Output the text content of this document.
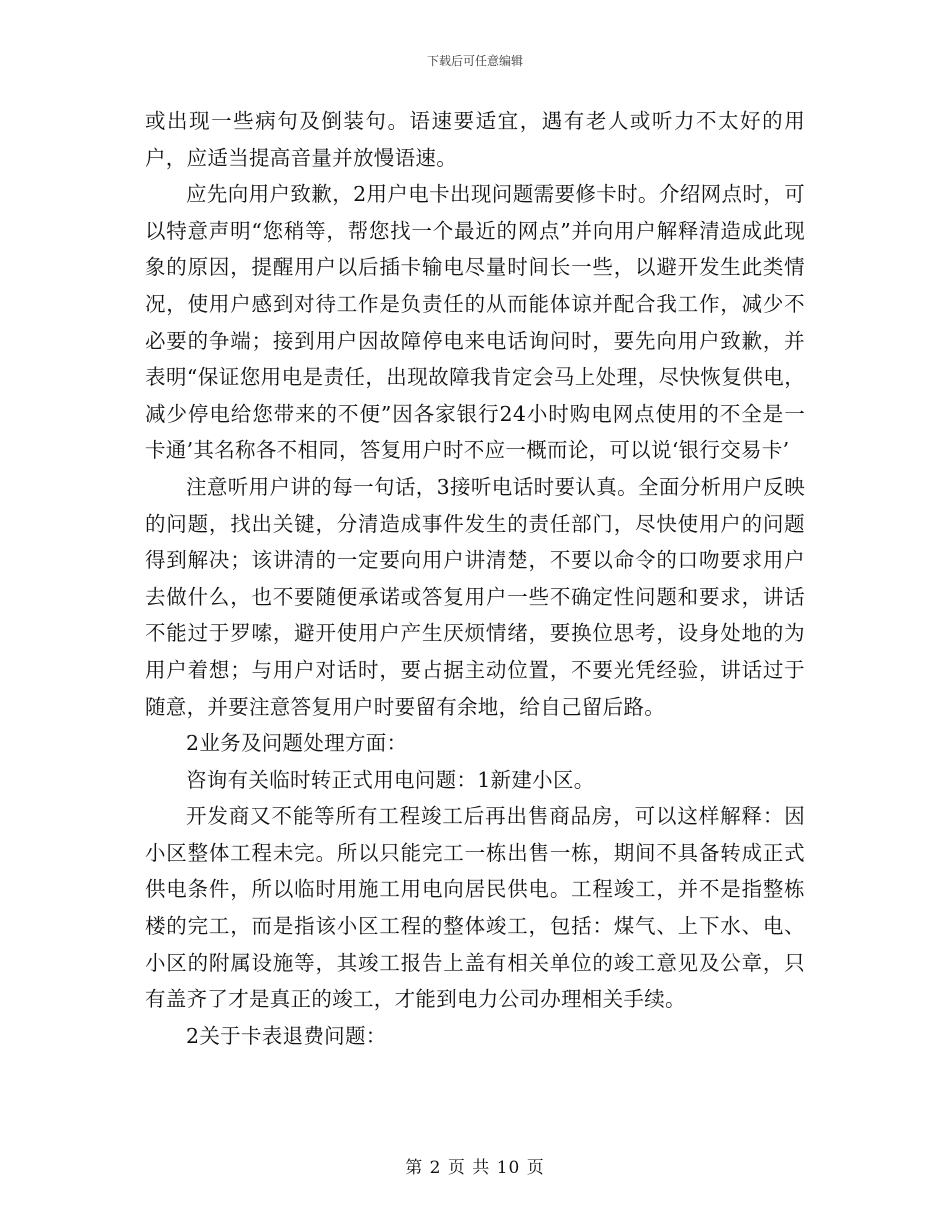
下载后可任意编辑

或出现一些病句及倒装句。语速要适宜，遇有老人或听力不太好的用户，应适当提高音量并放慢语速。

应先向用户致歉，2用户电卡出现问题需要修卡时。介绍网点时，可以特意声明“您稍等，帮您找一个最近的网点”并向用户解释清造成此现象的原因，提醒用户以后插卡输电尽量时间长一些，以避开发生此类情况，使用户感到对待工作是负责任的从而能体谅并配合我工作，减少不必要的争端；接到用户因故障停电来电话询问时，要先向用户致歉，并表明“保证您用电是责任，出现故障我肯定会马上处理，尽快恢复供电，减少停电给您带来的不便”因各家银行24小时购电网点使用的不全是一卡通’其名称各不相同，答复用户时不应一概而论，可以说‘银行交易卡’

注意听用户讲的每一句话，3接听电话时要认真。全面分析用户反映的问题，找出关键，分清造成事件发生的责任部门，尽快使用户的问题得到解决；该讲清的一定要向用户讲清楚，不要以命令的口吻要求用户去做什么，也不要随便承诺或答复用户一些不确定性问题和要求，讲话不能过于罗嗦，避开使用户产生厌烦情绪，要换位思考，设身处地的为用户着想；与用户对话时，要占据主动位置，不要光凭经验，讲话过于随意，并要注意答复用户时要留有余地，给自己留后路。

2业务及问题处理方面：

咨询有关临时转正式用电问题：1新建小区。

开发商又不能等所有工程竣工后再出售商品房，可以这样解释：因小区整体工程未完。所以只能完工一栋出售一栋，期间不具备转成正式供电条件，所以临时用施工用电向居民供电。工程竣工，并不是指整栋楼的完工，而是指该小区工程的整体竣工，包括：煤气、上下水、电、小区的附属设施等，其竣工报告上盖有相关单位的竣工意见及公章，只有盖齐了才是真正的竣工，才能到电力公司办理相关手续。

2关于卡表退费问题：

第 2 页 共 10 页
